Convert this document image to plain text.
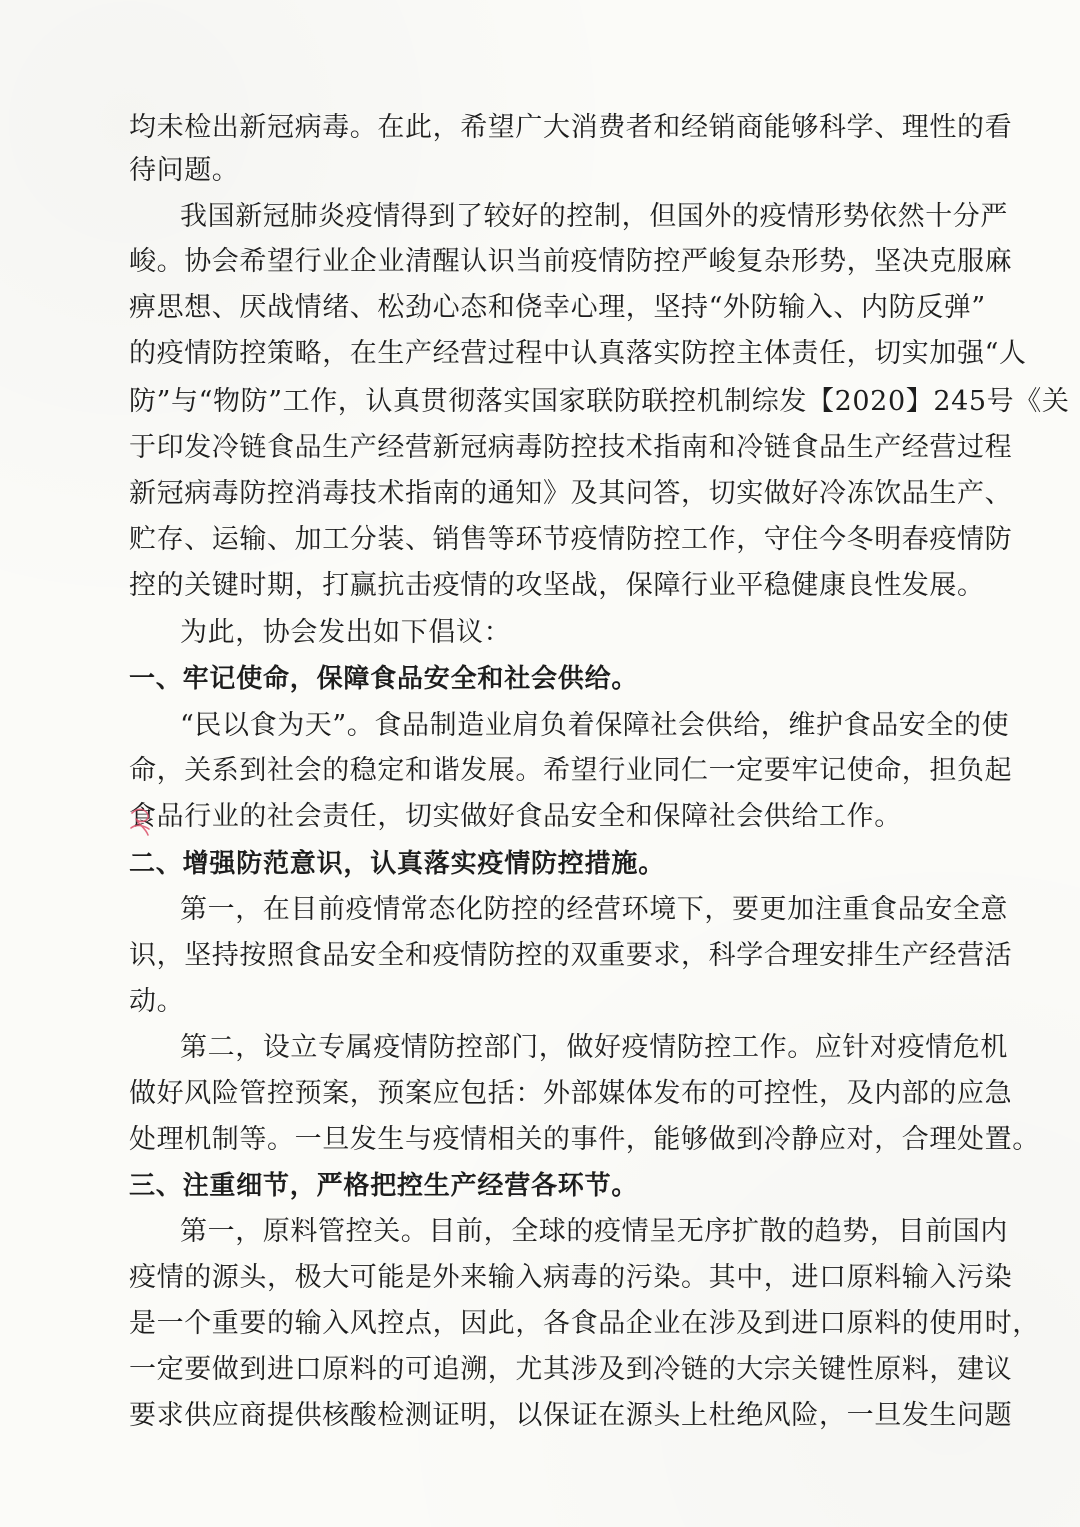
均未检出新冠病毒。在此，希望广大消费者和经销商能够科学、理性的看
待问题。
我国新冠肺炎疫情得到了较好的控制，但国外的疫情形势依然十分严
峻。协会希望行业企业清醒认识当前疫情防控严峻复杂形势，坚决克服麻
痹思想、厌战情绪、松劲心态和侥幸心理，坚持“外防输入、内防反弹”
的疫情防控策略，在生产经营过程中认真落实防控主体责任，切实加强“人
防”与“物防”工作，认真贯彻落实国家联防联控机制综发【2020】245号《关
于印发冷链食品生产经营新冠病毒防控技术指南和冷链食品生产经营过程
新冠病毒防控消毒技术指南的通知》及其问答，切实做好冷冻饮品生产、
贮存、运输、加工分装、销售等环节疫情防控工作，守住今冬明春疫情防
控的关键时期，打赢抗击疫情的攻坚战，保障行业平稳健康良性发展。
为此，协会发出如下倡议：
一、牢记使命，保障食品安全和社会供给。
“民以食为天”。食品制造业肩负着保障社会供给，维护食品安全的使
命，关系到社会的稳定和谐发展。希望行业同仁一定要牢记使命，担负起
食品行业的社会责任，切实做好食品安全和保障社会供给工作。
二、增强防范意识，认真落实疫情防控措施。
第一，在目前疫情常态化防控的经营环境下，要更加注重食品安全意
识，坚持按照食品安全和疫情防控的双重要求，科学合理安排生产经营活
动。
第二，设立专属疫情防控部门，做好疫情防控工作。应针对疫情危机
做好风险管控预案，预案应包括：外部媒体发布的可控性，及内部的应急
处理机制等。一旦发生与疫情相关的事件，能够做到冷静应对，合理处置。
三、注重细节，严格把控生产经营各环节。
第一，原料管控关。目前，全球的疫情呈无序扩散的趋势，目前国内
疫情的源头，极大可能是外来输入病毒的污染。其中，进口原料输入污染
是一个重要的输入风控点，因此，各食品企业在涉及到进口原料的使用时，
一定要做到进口原料的可追溯，尤其涉及到冷链的大宗关键性原料，建议
要求供应商提供核酸检测证明，以保证在源头上杜绝风险，一旦发生问题
